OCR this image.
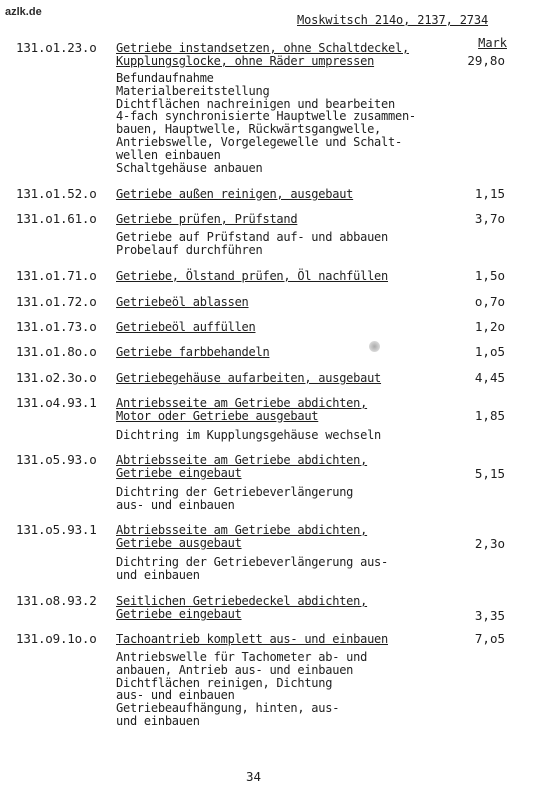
azlk.de
Moskwitsch 214o, 2137, 2734
Mark
131.o1.23.o Getriebe instandsetzen, ohne Schaltdeckel,
Kupplungsglocke, ohne Räder umpressen	29,8o
Befundaufnahme
Materialbereitstellung
Dichtflächen nachreinigen und bearbeiten
4-fach synchronisierte Hauptwelle zusammen-
bauen, Hauptwelle, Rückwärtsgangwelle,
Antriebswelle, Vorgelegewelle und Schalt-
wellen einbauen
Schaltgehäuse anbauen
131.o1.52.o Getriebe außen reinigen, ausgebaut	1,15
131.o1.61.o Getriebe prüfen, Prüfstand	3,7o
Getriebe auf Prüfstand auf- und abbauen
Probelauf durchführen
131.o1.71.o Getriebe, Ölstand prüfen, Öl nachfüllen	1,5o
131.o1.72.o Getriebeöl ablassen	o,7o
131.o1.73.o Getriebeöl auffüllen	1,2o
131.o1.8o.o Getriebe farbbehandeln	1,o5
131.o2.3o.o Getriebegehäuse aufarbeiten, ausgebaut	4,45
131.o4.93.1 Antriebsseite am Getriebe abdichten,
Motor oder Getriebe ausgebaut	1,85
Dichtring im Kupplungsgehäuse wechseln
131.o5.93.o Abtriebsseite am Getriebe abdichten,
Getriebe eingebaut	5,15
Dichtring der Getriebeverlängerung
aus- und einbauen
131.o5.93.1 Abtriebsseite am Getriebe abdichten,
Getriebe ausgebaut	2,3o
Dichtring der Getriebeverlängerung aus-
und einbauen
131.o8.93.2 Seitlichen Getriebedeckel abdichten,
Getriebe eingebaut	3,35
131.o9.1o.o Tachoantrieb komplett aus- und einbauen	7,o5
Antriebswelle für Tachometer ab- und
anbauen, Antrieb aus- und einbauen
Dichtflächen reinigen, Dichtung
aus- und einbauen
Getriebeaufhängung, hinten, aus-
und einbauen
34
